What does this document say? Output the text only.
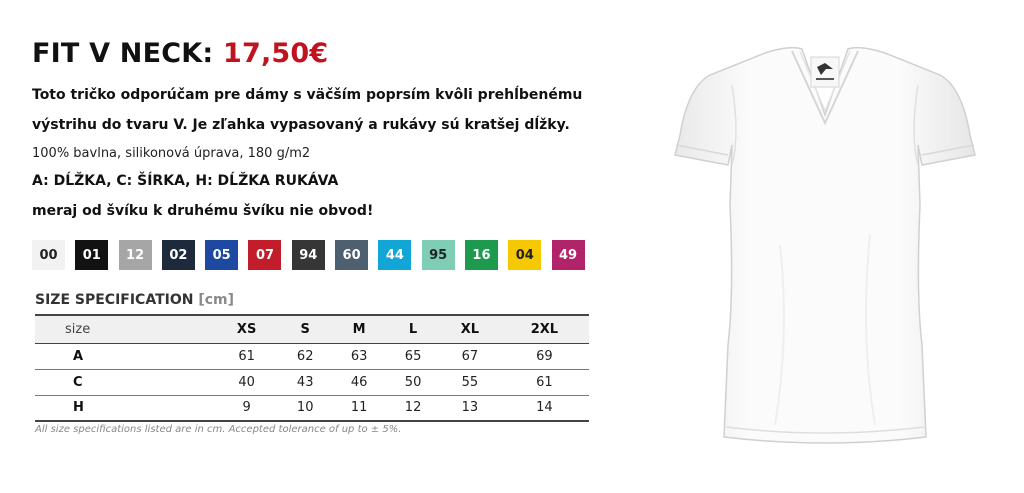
FIT V NECK: 17,50€
Toto tričko odporúčam pre dámy s väčším poprsím kvôli prehĺbenému
výstrihu do tvaru V. Je zľahka vypasovaný a rukávy sú kratšej dĺžky.
100% bavlna, silikonová úprava, 180 g/m2
A: DĹŽKA, C: ŠÍRKA, H: DĹŽKA RUKÁVA
meraj od švíku k druhému švíku nie obvod!
00	01	12	02	05	07	94	60	44	95	16	04	49
SIZE SPECIFICATION [cm]
size	XS	S	M	L	XL	2XL
A	61	62	63	65	67	69
C	40	43	46	50	55	61
H	9	10	11	12	13	14
All size specifications listed are in cm. Accepted tolerance of up to ± 5%.
